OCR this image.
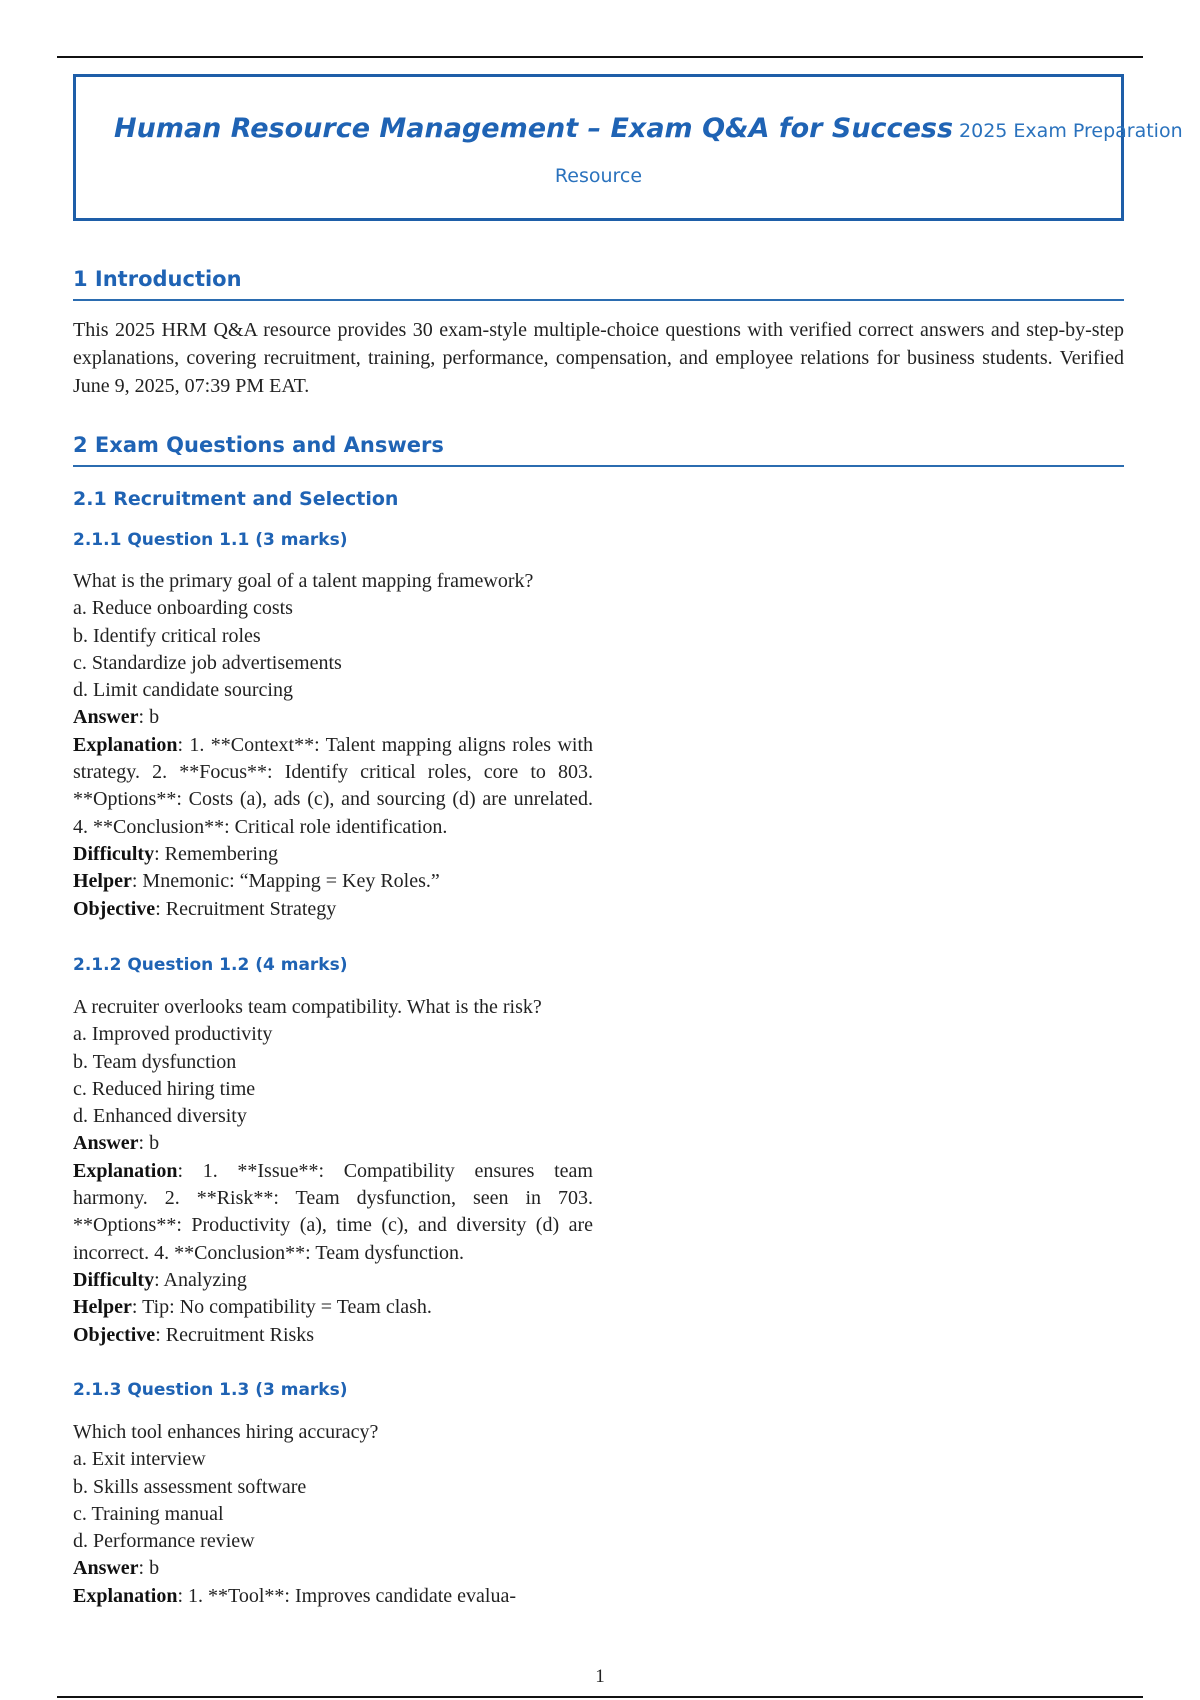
Human Resource Management – Exam Q&A for Success 2025 Exam Preparation
Resource
1 Introduction
This 2025 HRM Q&A resource provides 30 exam-style multiple-choice questions with verified correct answers and step-by-step explanations, covering recruitment, training, performance, compensation, and employee relations for business students. Verified June 9, 2025, 07:39 PM EAT.
2 Exam Questions and Answers
2.1 Recruitment and Selection
2.1.1 Question 1.1 (3 marks)
What is the primary goal of a talent mapping framework?
a. Reduce onboarding costs
b. Identify critical roles
c. Standardize job advertisements
d. Limit candidate sourcing
Answer: b
Explanation: 1. **Context**: Talent mapping aligns roles with strategy. 2. **Focus**: Identify critical roles, core to 803. **Options**: Costs (a), ads (c), and sourcing (d) are unrelated. 4. **Conclusion**: Critical role identification.
Difficulty: Remembering
Helper: Mnemonic: “Mapping = Key Roles.”
Objective: Recruitment Strategy
2.1.2 Question 1.2 (4 marks)
A recruiter overlooks team compatibility. What is the risk?
a. Improved productivity
b. Team dysfunction
c. Reduced hiring time
d. Enhanced diversity
Answer: b
Explanation: 1. **Issue**: Compatibility ensures team harmony. 2. **Risk**: Team dysfunction, seen in 703. **Options**: Productivity (a), time (c), and diversity (d) are incorrect. 4. **Conclusion**: Team dysfunction.
Difficulty: Analyzing
Helper: Tip: No compatibility = Team clash.
Objective: Recruitment Risks
2.1.3 Question 1.3 (3 marks)
Which tool enhances hiring accuracy?
a. Exit interview
b. Skills assessment software
c. Training manual
d. Performance review
Answer: b
Explanation: 1. **Tool**: Improves candidate evalua-
1
